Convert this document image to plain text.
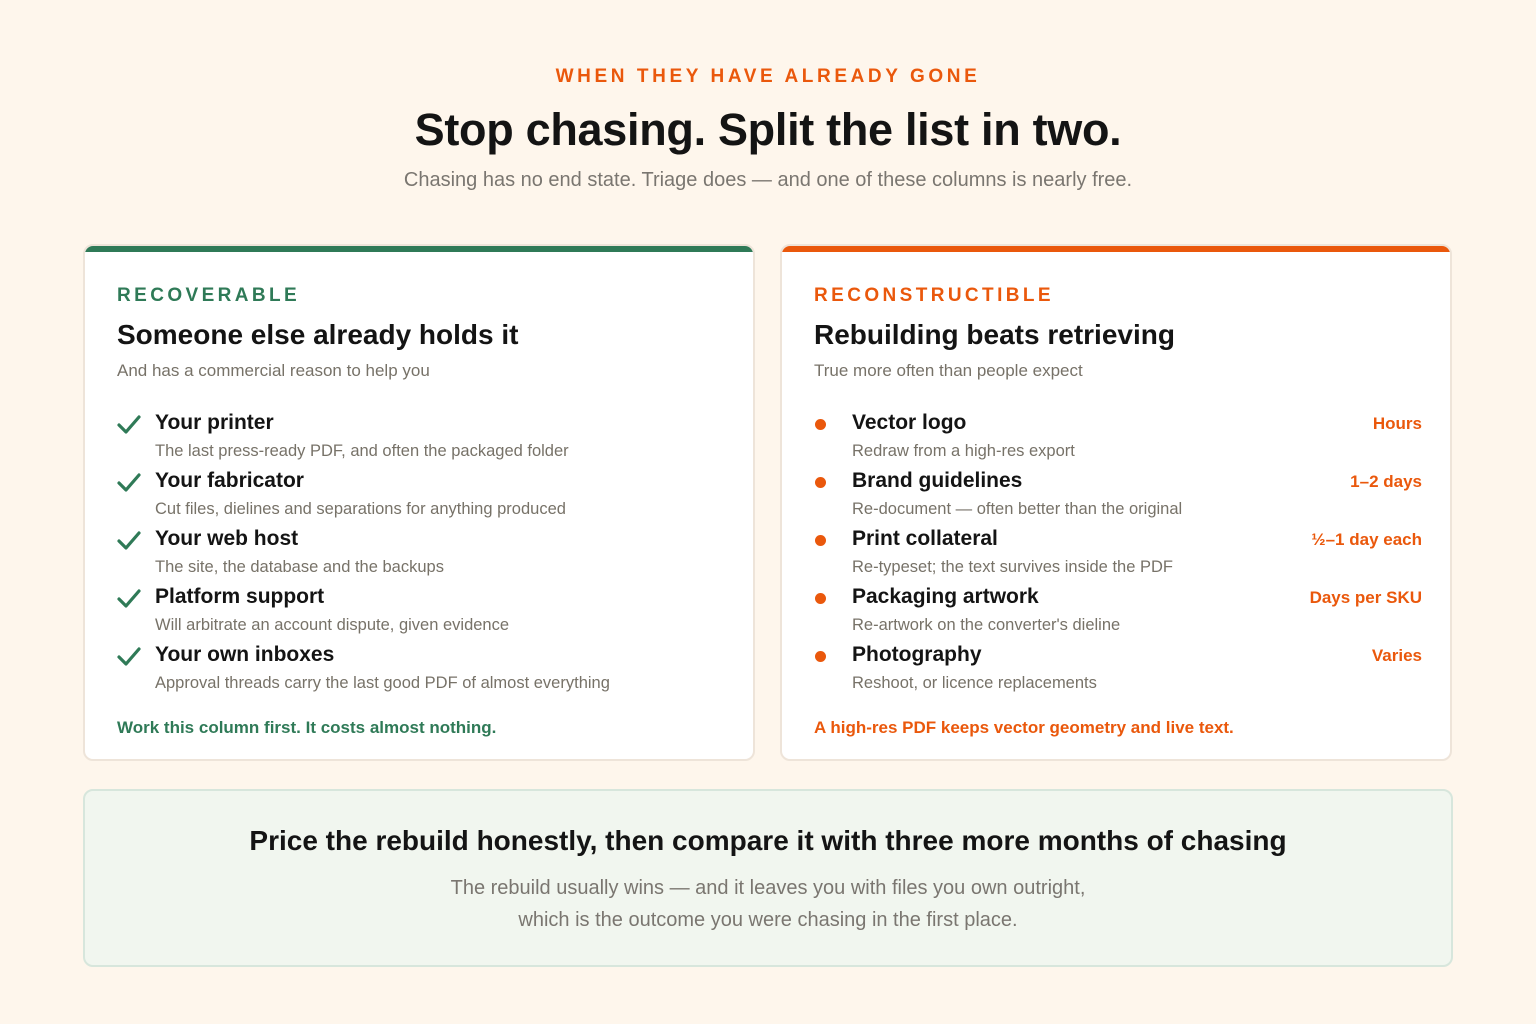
WHEN THEY HAVE ALREADY GONE
Stop chasing. Split the list in two.
Chasing has no end state. Triage does — and one of these columns is nearly free.
RECOVERABLE
Someone else already holds it
And has a commercial reason to help you
Your printer
The last press-ready PDF, and often the packaged folder
Your fabricator
Cut files, dielines and separations for anything produced
Your web host
The site, the database and the backups
Platform support
Will arbitrate an account dispute, given evidence
Your own inboxes
Approval threads carry the last good PDF of almost everything
Work this column first. It costs almost nothing.
RECONSTRUCTIBLE
Rebuilding beats retrieving
True more often than people expect
Vector logo
Redraw from a high-res export
Hours
Brand guidelines
Re-document — often better than the original
1–2 days
Print collateral
Re-typeset; the text survives inside the PDF
½–1 day each
Packaging artwork
Re-artwork on the converter's dieline
Days per SKU
Photography
Reshoot, or licence replacements
Varies
A high-res PDF keeps vector geometry and live text.
Price the rebuild honestly, then compare it with three more months of chasing
The rebuild usually wins — and it leaves you with files you own outright,
which is the outcome you were chasing in the first place.
